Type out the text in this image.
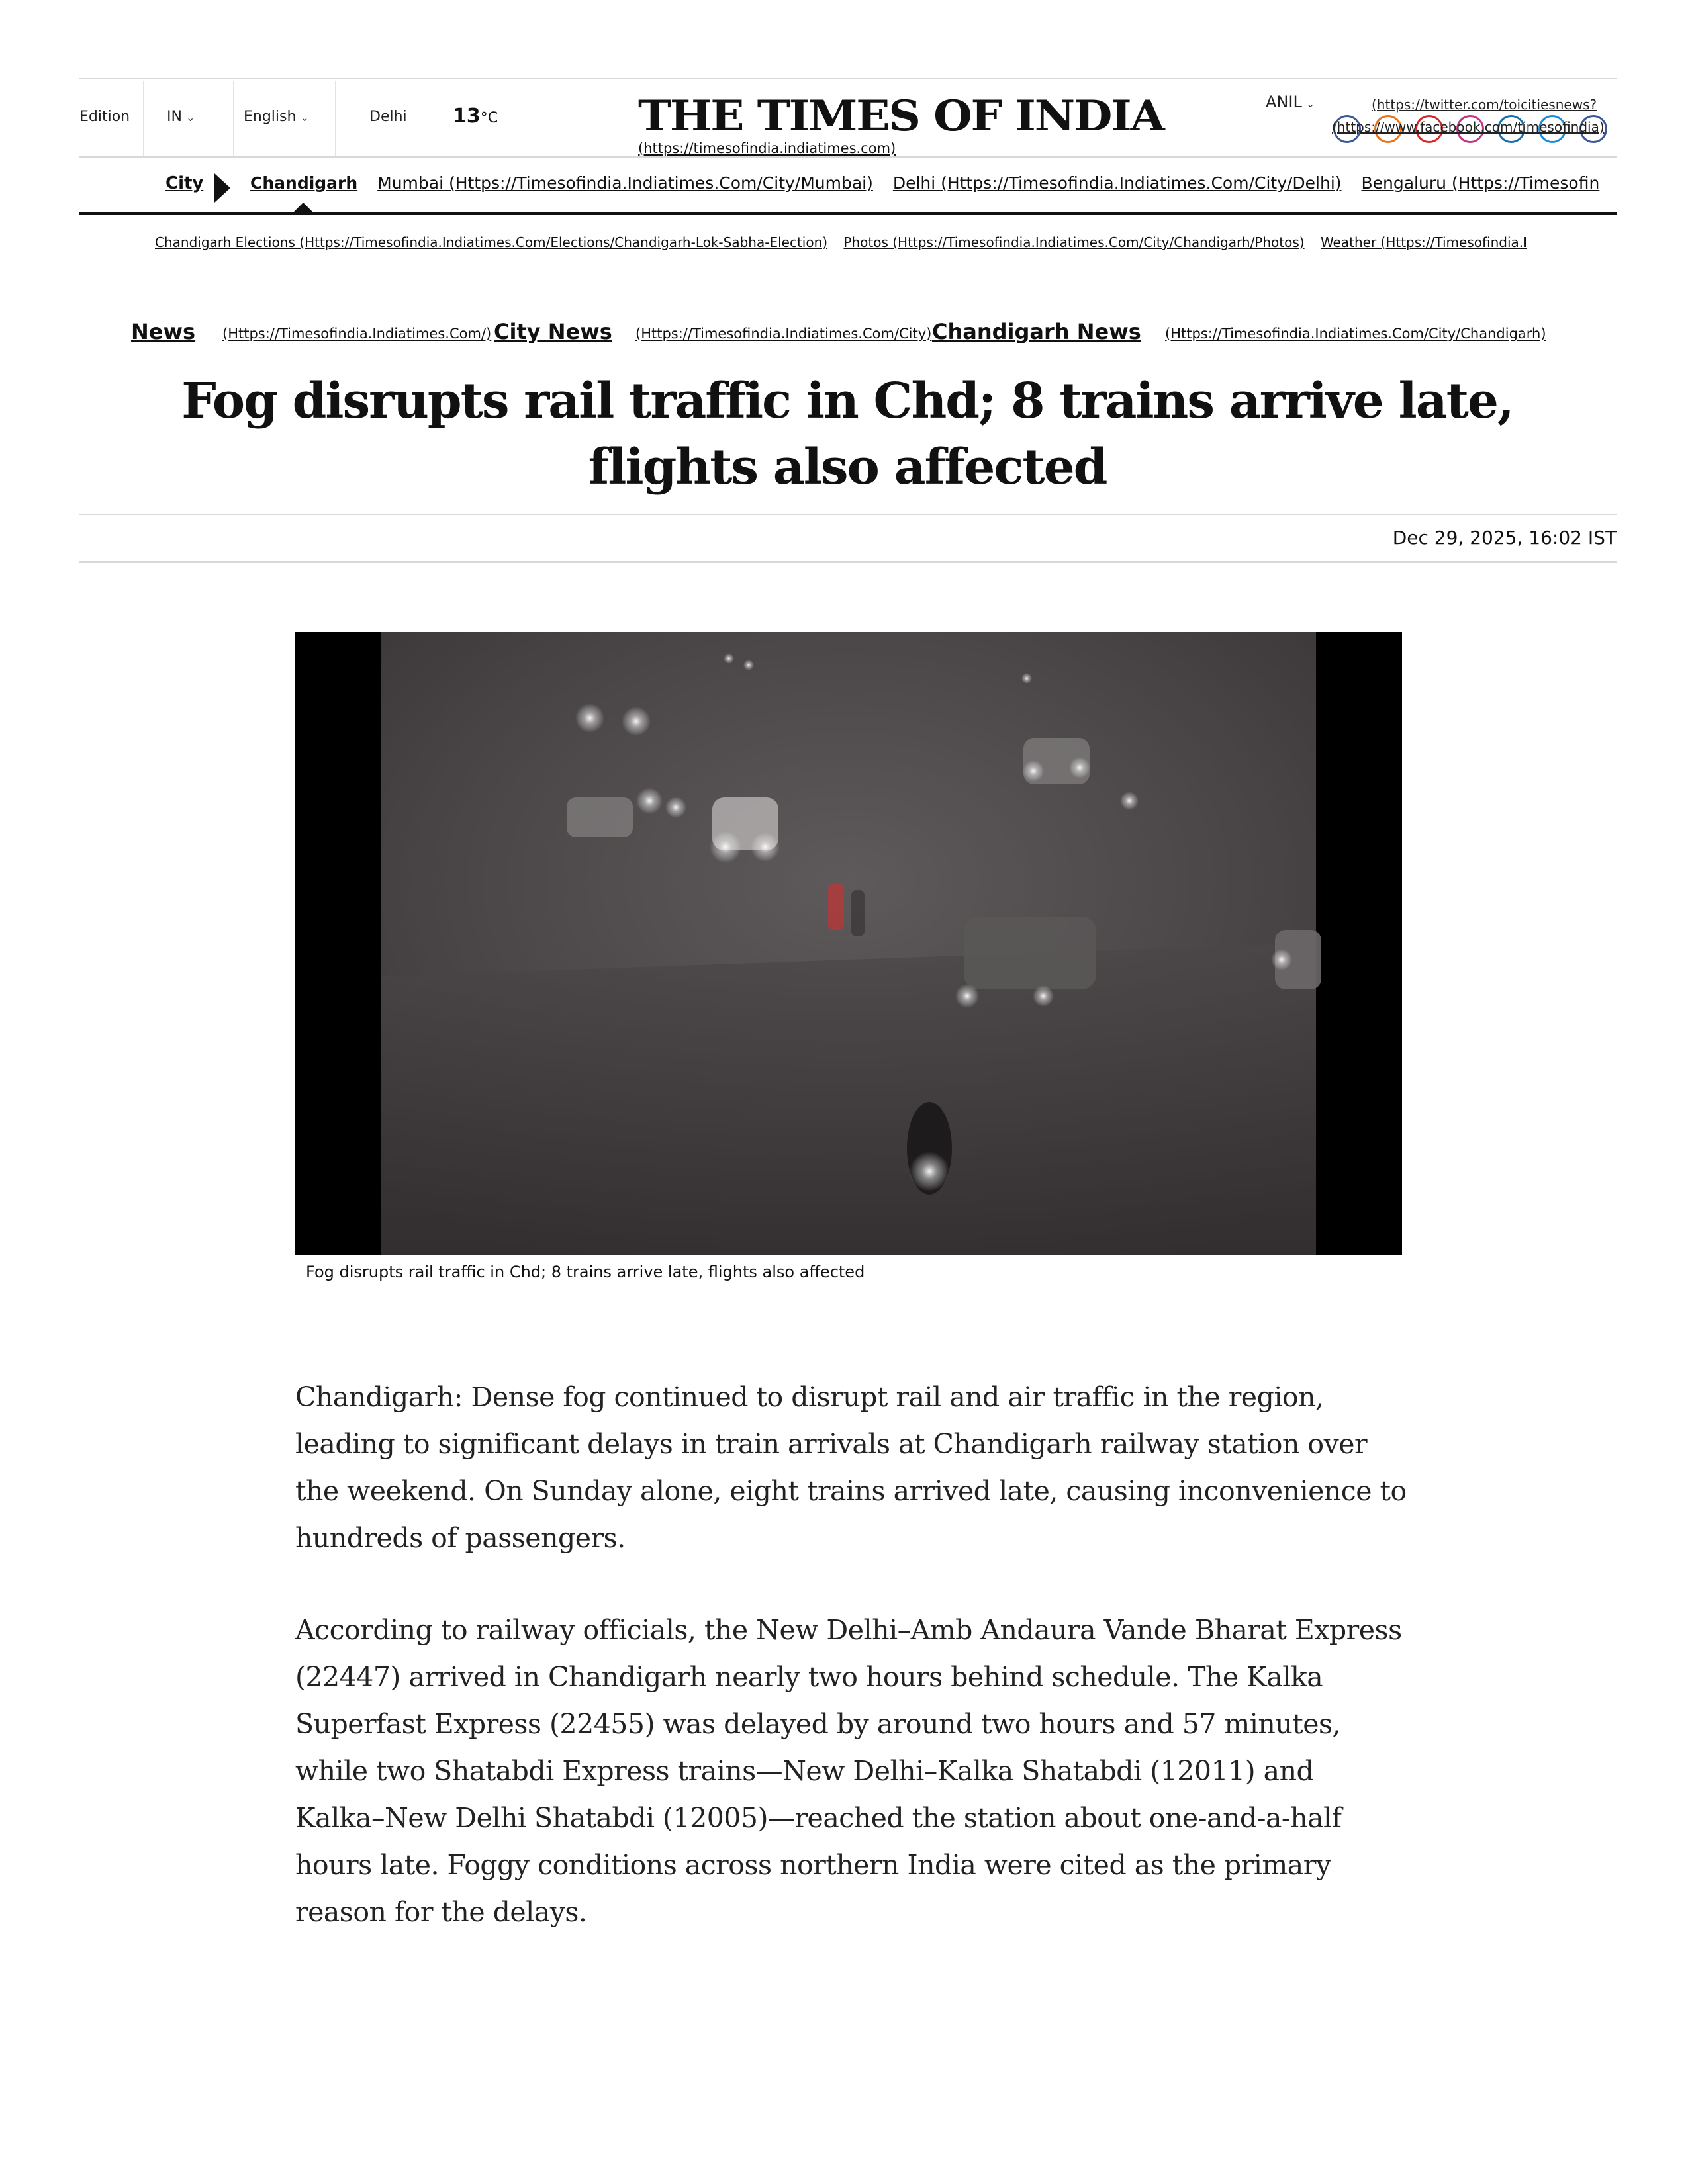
Edition	IN ⌄	English ⌄	Delhi 13°C	THE TIMES OF INDIA
(https://timesofindia.indiatimes.com)
ANIL ⌄	(https://twitter.com/toicitiesnews?
(https://www.facebook.com/timesofindia)
City	Chandigarh Mumbai (Https://Timesofindia.Indiatimes.Com/City/Mumbai) Delhi (Https://Timesofindia.Indiatimes.Com/City/Delhi) Bengaluru (Https://Timesofin
Chandigarh Elections (Https://Timesofindia.Indiatimes.Com/Elections/Chandigarh-Lok-Sabha-Election) Photos (Https://Timesofindia.Indiatimes.Com/City/Chandigarh/Photos) Weather (Https://Timesofindia.I
News (Https://Timesofindia.Indiatimes.Com/) City News (Https://Timesofindia.Indiatimes.Com/City) Chandigarh News (Https://Timesofindia.Indiatimes.Com/City/Chandigarh)
Fog disrupts rail traffic in Chd; 8 trains arrive late, flights also affected
Dec 29, 2025, 16:02 IST
Fog disrupts rail traffic in Chd; 8 trains arrive late, flights also affected

Chandigarh: Dense fog continued to disrupt rail and air traffic in the region, leading to significant delays in train arrivals at Chandigarh railway station over the weekend. On Sunday alone, eight trains arrived late, causing inconvenience to hundreds of passengers.

According to railway officials, the New Delhi–Amb Andaura Vande Bharat Express (22447) arrived in Chandigarh nearly two hours behind schedule. The Kalka Superfast Express (22455) was delayed by around two hours and 57 minutes, while two Shatabdi Express trains—New Delhi–Kalka Shatabdi (12011) and Kalka–New Delhi Shatabdi (12005)—reached the station about one-and-a-half hours late. Foggy conditions across northern India were cited as the primary reason for the delays.
